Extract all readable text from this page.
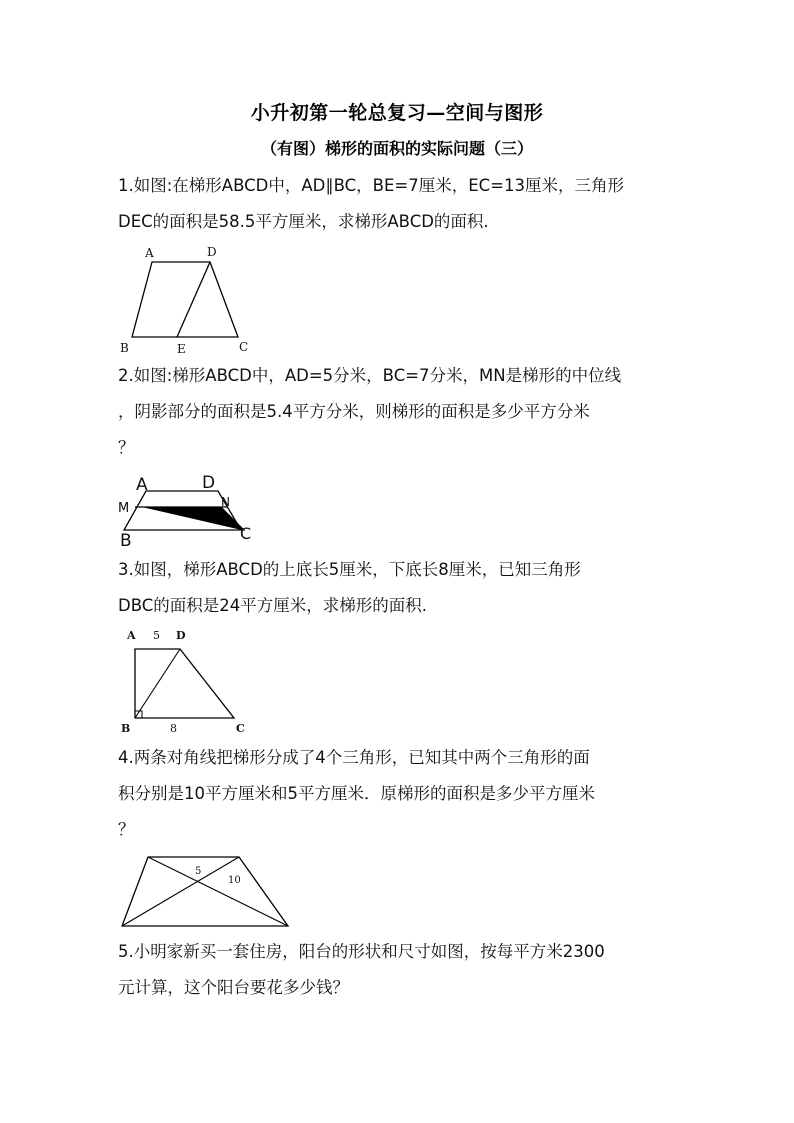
小升初第一轮总复习—空间与图形
（有图）梯形的面积的实际问题（三）

1.如图:在梯形ABCD中，AD∥BC，BE=7厘米，EC=13厘米，三角形
DEC的面积是58.5平方厘米，求梯形ABCD的面积.

A	D
B	E	C

2.如图:梯形ABCD中，AD=5分米，BC=7分米，MN是梯形的中位线
，阴影部分的面积是5.4平方分米，则梯形的面积是多少平方分米
？

A	D
M	N
B	C

3.如图，梯形ABCD的上底长5厘米，下底长8厘米，已知三角形
DBC的面积是24平方厘米，求梯形的面积.

A 5 D
B	8	C

4.两条对角线把梯形分成了4个三角形，已知其中两个三角形的面
积分别是10平方厘米和5平方厘米．原梯形的面积是多少平方厘米
？

5
10

5.小明家新买一套住房，阳台的形状和尺寸如图，按每平方米2300
元计算，这个阳台要花多少钱？
